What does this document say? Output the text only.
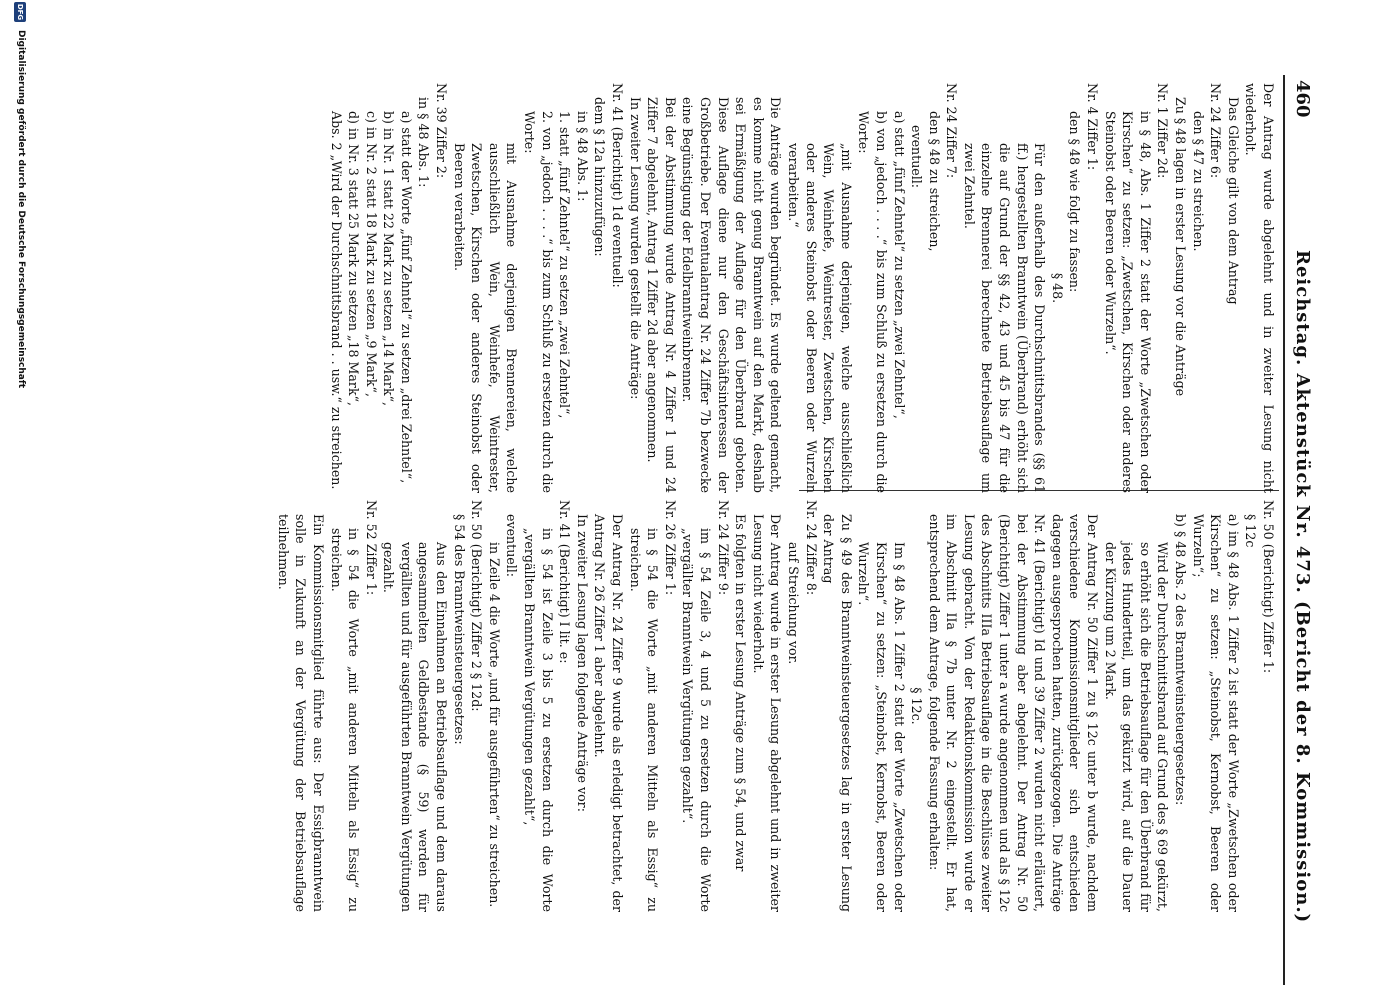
460
Reichstag. Aktenstück Nr. 473. (Bericht der 8. Kommission.)

Der Antrag wurde abgelehnt und in zweiter Lesung nicht wiederholt.

Das Gleiche gilt von dem Antrag

Nr. 24 Ziffer 6:

den § 47 zu streichen.

Zu § 48 lagen in erster Lesung vor die Anträge

Nr. 1 Ziffer 2d:

in § 48, Abs. 1 Ziffer 2 statt der Worte „Zwetschen oder Kirschen“ zu setzen: „Zwetschen, Kirschen oder anderes Steinobst oder Beeren oder Wurzeln“.

Nr. 4 Ziffer 1:

den § 48 wie folgt zu fassen:

§ 48.

Für den außerhalb des Durchschnittsbrandes (§§ 61 ff.) hergestellten Branntwein (Überbrand) erhöht sich die auf Grund der §§ 42, 43 und 45 bis 47 für die einzelne Brennerei berechnete Betriebsauflage um zwei Zehntel.

Nr. 24 Ziffer 7:

den § 48 zu streichen,

eventuell:

a) statt „fünf Zehntel“ zu setzen „zwei Zehntel“,

b) von „jedoch . . . .“ bis zum Schluß zu ersetzen durch die Worte:

„mit Ausnahme derjenigen, welche ausschließlich Wein, Weinhefe, Weintrester, Zwetschen, Kirschen oder anderes Steinobst oder Beeren oder Wurzeln verarbeiten.“

Die Anträge wurden begründet. Es wurde geltend gemacht, es komme nicht genug Branntwein auf den Markt, deshalb sei Ermäßigung der Auflage für den Überbrand geboten. Diese Auflage diene nur den Geschäftsinteressen der Großbetriebe. Der Eventualantrag Nr. 24 Ziffer 7b bezwecke eine Begünstigung der Edelbranntweinbrenner.

Bei der Abstimmung wurde Antrag Nr. 4 Ziffer 1 und 24 Ziffer 7 abgelehnt, Antrag 1 Ziffer 2d aber angenommen.

In zweiter Lesung wurden gestellt die Anträge:

Nr. 41 (Berichtigt) 1d eventuell:

dem § 12a hinzuzufügen:

in § 48 Abs. 1:

1. statt „fünf Zehntel“ zu setzen „zwei Zehntel“,

2. von „jedoch . . . .“ bis zum Schluß zu ersetzen durch die Worte:

mit Ausnahme derjenigen Brennereien, welche ausschließlich Wein, Weinhefe, Weintrester, Zwetschen, Kirschen oder anderes Steinobst oder Beeren verarbeiten.

Nr. 39 Ziffer 2:

in § 48 Abs. 1:

a) statt der Worte „fünf Zehntel“ zu setzen „drei Zehntel“,

b) in Nr. 1 statt 22 Mark zu setzen „14 Mark“,

c) in Nr. 2 statt 18 Mark zu setzen „9 Mark“,

d) in Nr. 3 statt 25 Mark zu setzen „18 Mark“,

Abs. 2 „Wird der Durchschnittsbrand . . usw.“ zu streichen.

Nr. 50 (Berichtigt) Ziffer 1:

§ 12c

a) im § 48 Abs. 1 Ziffer 2 ist statt der Worte „Zwetschen oder Kirschen“ zu setzen: „Steinobst, Kernobst, Beeren oder Wurzeln“;

b) § 48 Abs. 2 des Branntweinsteuergesetzes:

Wird der Durchschnittsbrand auf Grund des § 69 gekürzt, so erhöht sich die Betriebsauflage für den Überbrand für jedes Hundertteil, um das gekürzt wird, auf die Dauer der Kürzung um 2 Mark.

Der Antrag Nr. 50 Ziffer 1 zu § 12c unter b wurde, nachdem verschiedene Kommissionsmitglieder sich entschieden dagegen ausgesprochen hatten, zurückgezogen. Die Anträge Nr. 41 (Berichtigt) Id und 39 Ziffer 2 wurden nicht erläutert, bei der Abstimmung aber abgelehnt. Der Antrag Nr. 50 (Berichtigt) Ziffer 1 unter a wurde angenommen und als § 12c des Abschnitts IIIa Betriebsauflage in die Beschlüsse zweiter Lesung gebracht. Von der Redaktionskommission wurde er im Abschnitt IIa § 7b unter Nr. 2 eingestellt. Er hat, entsprechend dem Antrage, folgende Fassung erhalten:

§ 12c.

Im § 48 Abs. 1 Ziffer 2 statt der Worte „Zwetschen oder Kirschen“ zu setzen: „Steinobst, Kernobst, Beeren oder Wurzeln“.

Zu § 49 des Branntweinsteuergesetzes lag in erster Lesung der Antrag

Nr. 24 Ziffer 8:

auf Streichung vor.

Der Antrag wurde in erster Lesung abgelehnt und in zweiter Lesung nicht wiederholt.

Es folgten in erster Lesung Anträge zum § 54, und zwar

Nr. 24 Ziffer 9:

im § 54 Zeile 3, 4 und 5 zu ersetzen durch die Worte „vergällter Branntwein Vergütungen gezahlt“.

Nr. 26 Ziffer 1:

in § 54 die Worte „mit anderen Mitteln als Essig“ zu streichen.

Der Antrag Nr. 24 Ziffer 9 wurde als erledigt betrachtet, der Antrag Nr. 26 Ziffer 1 aber abgelehnt.

In zweiter Lesung lagen folgende Anträge vor:

Nr. 41 (Berichtigt) I lit. e:

in § 54 ist Zeile 3 bis 5 zu ersetzen durch die Worte „vergällten Branntwein Vergütungen gezahlt“,

eventuell:

in Zeile 4 die Worte „und für ausgeführten“ zu streichen.

Nr. 50 (Berichtigt) Ziffer 2 § 12d:

§ 54 des Branntweinsteuergesetzes:

Aus den Einnahmen an Betriebsauflage und dem daraus angesammelten Geldbestande (§ 59) werden für vergällten und für ausgeführten Branntwein Vergütungen gezahlt.

Nr. 52 Ziffer 1:

in § 54 die Worte „mit anderen Mitteln als Essig“ zu streichen.

Ein Kommissionsmitglied führte aus: Der Essigbranntwein solle in Zukunft an der Vergütung der Betriebsauflage teilnehmen.

DFG
Digitalisierung gefördert durch die Deutsche Forschungsgemeinschaft
